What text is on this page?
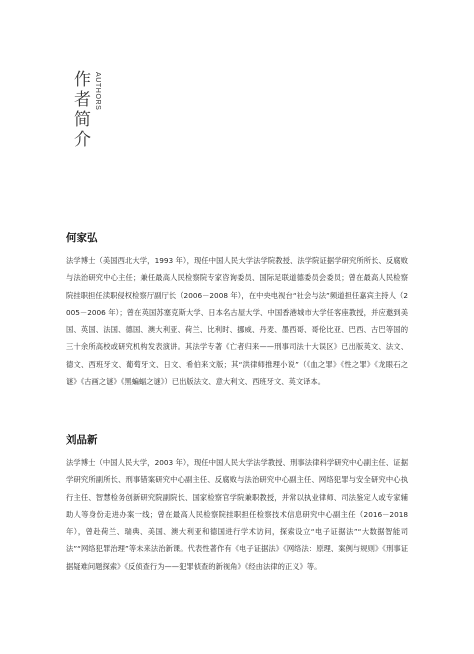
作
者
简
介
AUTHORS
何家弘

法学博士（美国西北大学，1993 年），现任中国人民大学法学院教授、法学院证据学研究所所长、反腐败与法治研究中心主任；兼任最高人民检察院专家咨询委员、国际足联道德委员会委员；曾在最高人民检察院挂职担任渎职侵权检察厅副厅长（2006－2008 年），在中央电视台“社会与法”频道担任嘉宾主持人（2005－2006 年）；曾在英国苏塞克斯大学、日本名古屋大学、中国香港城市大学任客座教授，并应邀到美国、英国、法国、德国、澳大利亚、荷兰、比利时、挪威、丹麦、墨西哥、哥伦比亚、巴西、古巴等国的三十余所高校或研究机构发表演讲。其法学专著《亡者归来——刑事司法十大误区》已出版英文、法文、德文、西班牙文、葡萄牙文、日文、希伯来文版；其“洪律师推理小说”（《血之罪》《性之罪》《龙眼石之谜》《古画之谜》《黑蝙蝠之谜》）已出版法文、意大利文、西班牙文、英文译本。

刘品新

法学博士（中国人民大学，2003 年），现任中国人民大学法学教授、刑事法律科学研究中心副主任、证据学研究所副所长、刑事错案研究中心副主任、反腐败与法治研究中心副主任、网络犯罪与安全研究中心执行主任、智慧检务创新研究院副院长、国家检察官学院兼职教授，并常以执业律师、司法鉴定人或专家辅助人等身份走进办案一线；曾在最高人民检察院挂职担任检察技术信息研究中心副主任（2016－2018 年），曾赴荷兰、瑞典、美国、澳大利亚和德国进行学术访问，探索设立“电子证据法”“大数据智能司法”“网络犯罪治理”等未来法治新课。代表性著作有《电子证据法》《网络法：原理、案例与规则》《刑事证据疑难问题探索》《反侦查行为——犯罪侦查的新视角》《经由法律的正义》等。
